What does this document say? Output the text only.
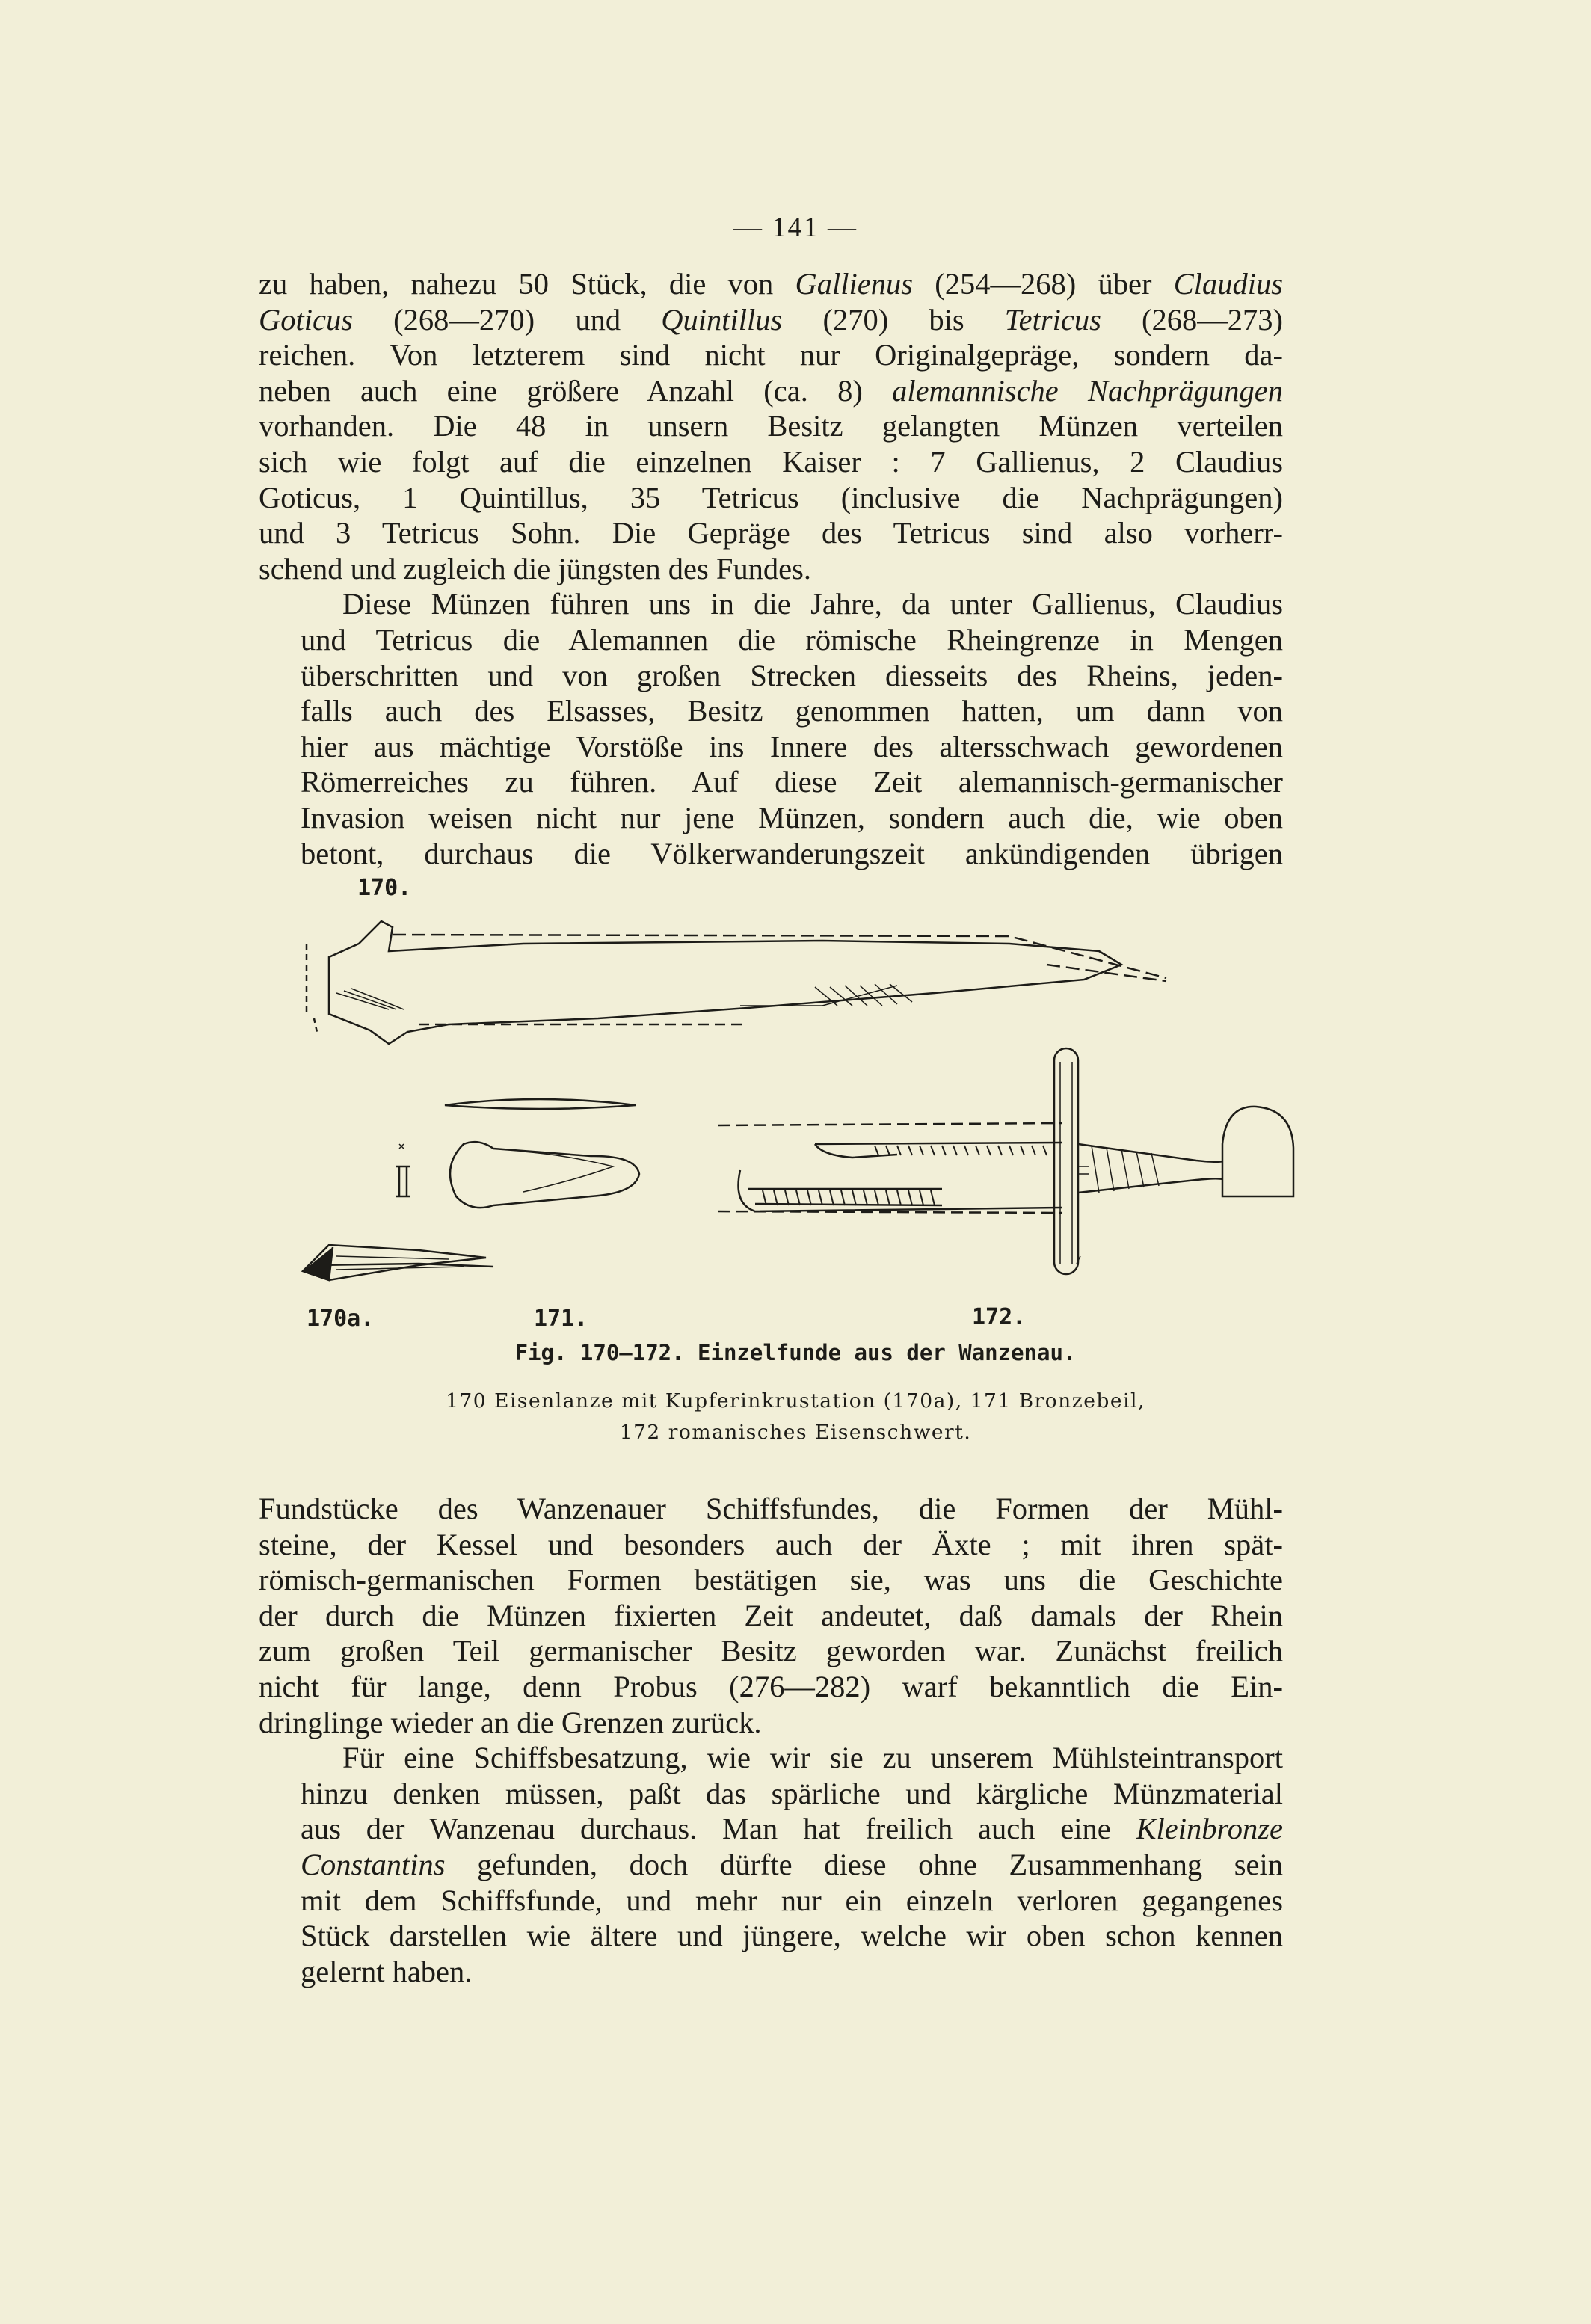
— 141 —

zu haben, nahezu 50 Stück, die von Gallienus (254—268) über Claudius
Goticus (268—270) und Quintillus (270) bis Tetricus (268—273)
reichen. Von letzterem sind nicht nur Originalgepräge, sondern da-
neben auch eine größere Anzahl (ca. 8) alemannische Nachprägungen
vorhanden. Die 48 in unsern Besitz gelangten Münzen verteilen
sich wie folgt auf die einzelnen Kaiser : 7 Gallienus, 2 Claudius
Goticus, 1 Quintillus, 35 Tetricus (inclusive die Nachprägungen)
und 3 Tetricus Sohn. Die Gepräge des Tetricus sind also vorherr-
schend und zugleich die jüngsten des Fundes.

Diese Münzen führen uns in die Jahre, da unter Gallienus, Claudius
und Tetricus die Alemannen die römische Rheingrenze in Mengen
überschritten und von großen Strecken diesseits des Rheins, jeden-
falls auch des Elsasses, Besitz genommen hatten, um dann von
hier aus mächtige Vorstöße ins Innere des altersschwach gewordenen
Römerreiches zu führen. Auf diese Zeit alemannisch-germanischer
Invasion weisen nicht nur jene Münzen, sondern auch die, wie oben
betont, durchaus die Völkerwanderungszeit ankündigenden übrigen

170.
170a.	171.	172.
Fig. 170—172. Einzelfunde aus der Wanzenau.
170 Eisenlanze mit Kupferinkrustation (170a), 171 Bronzebeil,
172 romanisches Eisenschwert.

Fundstücke des Wanzenauer Schiffsfundes, die Formen der Mühl-
steine, der Kessel und besonders auch der Äxte ; mit ihren spät-
römisch-germanischen Formen bestätigen sie, was uns die Geschichte
der durch die Münzen fixierten Zeit andeutet, daß damals der Rhein
zum großen Teil germanischer Besitz geworden war. Zunächst freilich
nicht für lange, denn Probus (276—282) warf bekanntlich die Ein-
dringlinge wieder an die Grenzen zurück.

Für eine Schiffsbesatzung, wie wir sie zu unserem Mühlsteintransport
hinzu denken müssen, paßt das spärliche und kärgliche Münzmaterial
aus der Wanzenau durchaus. Man hat freilich auch eine Kleinbronze
Constantins gefunden, doch dürfte diese ohne Zusammenhang sein
mit dem Schiffsfunde, und mehr nur ein einzeln verloren gegangenes
Stück darstellen wie ältere und jüngere, welche wir oben schon kennen
gelernt haben.
